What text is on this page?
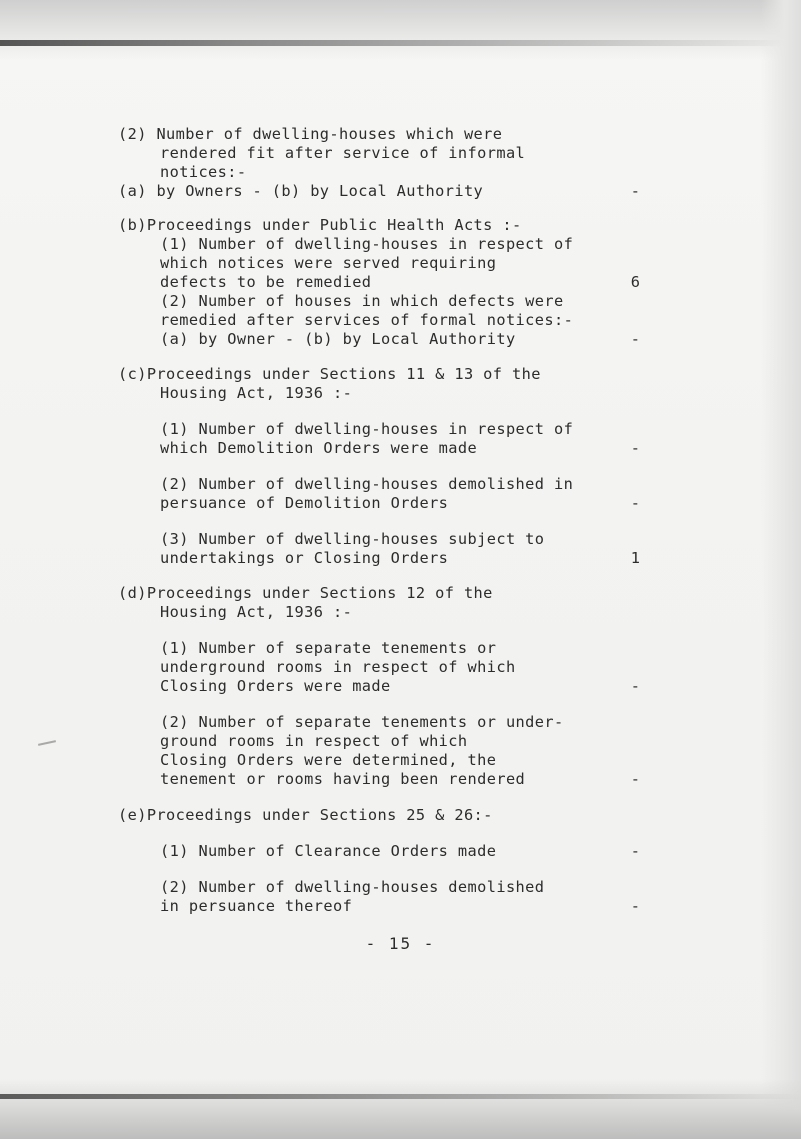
(2) Number of dwelling-houses which were
rendered fit after service of informal
notices:-
(a) by Owners - (b) by Local Authority	-
(b)Proceedings under Public Health Acts :-
(1) Number of dwelling-houses in respect of
which notices were served requiring
defects to be remedied	6
(2) Number of houses in which defects were
remedied after services of formal notices:-
(a) by Owner - (b) by Local Authority	-
(c)Proceedings under Sections 11 & 13 of the
Housing Act, 1936 :-
(1) Number of dwelling-houses in respect of
which Demolition Orders were made	-
(2) Number of dwelling-houses demolished in
persuance of Demolition Orders	-
(3) Number of dwelling-houses subject to
undertakings or Closing Orders	1
(d)Proceedings under Sections 12 of the
Housing Act, 1936 :-
(1) Number of separate tenements or
underground rooms in respect of which
Closing Orders were made	-
(2) Number of separate tenements or under-
ground rooms in respect of which
Closing Orders were determined, the
tenement or rooms having been rendered	-
(e)Proceedings under Sections 25 & 26:-
(1) Number of Clearance Orders made	-
(2) Number of dwelling-houses demolished
in persuance thereof	-
- 15 -
